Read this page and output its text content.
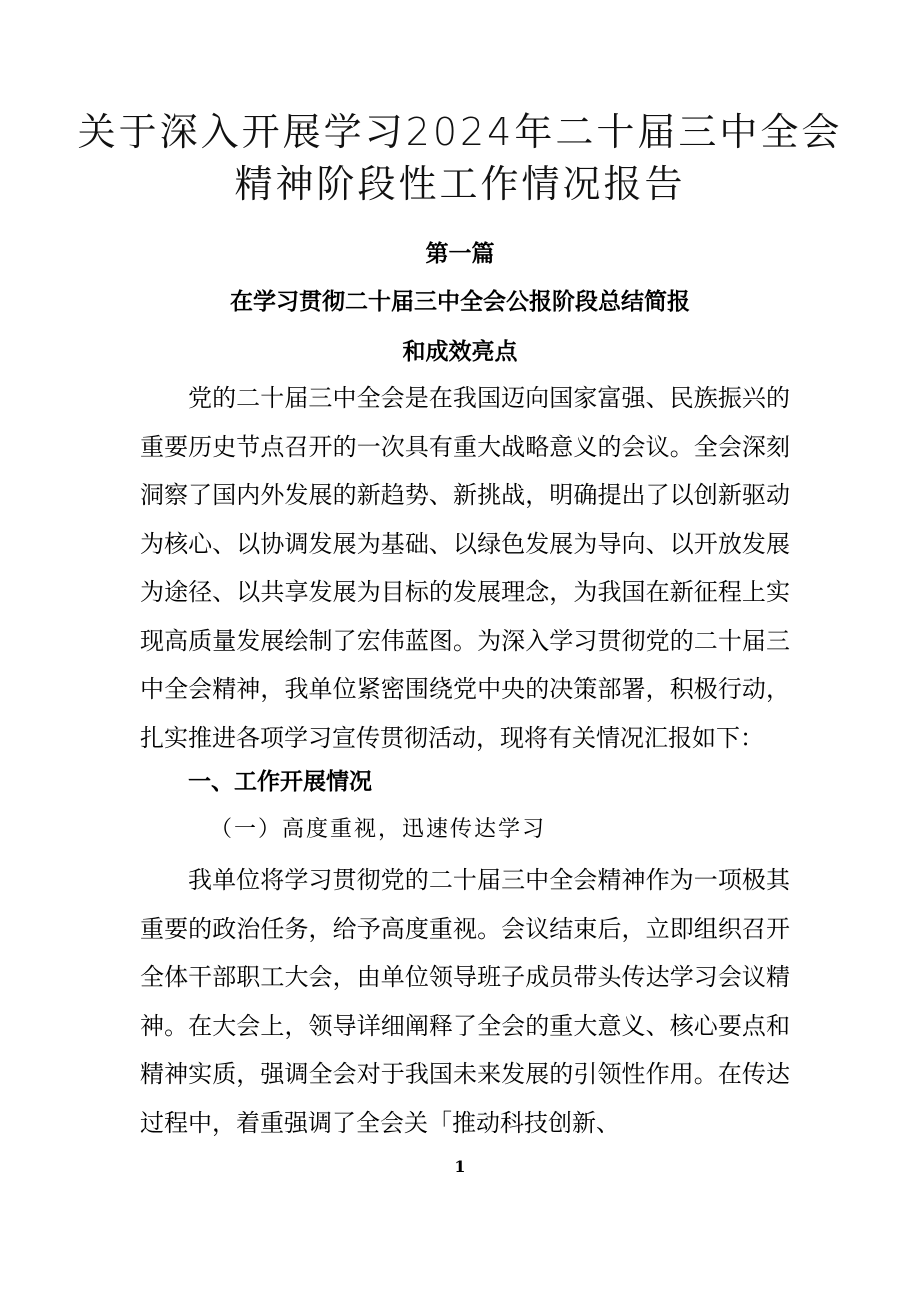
关于深入开展学习2024年二十届三中全会
精神阶段性工作情况报告
第一篇
在学习贯彻二十届三中全会公报阶段总结简报
和成效亮点

党的二十届三中全会是在我国迈向国家富强、民族振兴的重要历史节点召开的一次具有重大战略意义的会议。全会深刻洞察了国内外发展的新趋势、新挑战，明确提出了以创新驱动为核心、以协调发展为基础、以绿色发展为导向、以开放发展为途径、以共享发展为目标的发展理念，为我国在新征程上实现高质量发展绘制了宏伟蓝图。为深入学习贯彻党的二十届三中全会精神，我单位紧密围绕党中央的决策部署，积极行动，扎实推进各项学习宣传贯彻活动，现将有关情况汇报如下：

一、工作开展情况
（一）高度重视，迅速传达学习

我单位将学习贯彻党的二十届三中全会精神作为一项极其重要的政治任务，给予高度重视。会议结束后，立即组织召开全体干部职工大会，由单位领导班子成员带头传达学习会议精神。在大会上，领导详细阐释了全会的重大意义、核心要点和精神实质，强调全会对于我国未来发展的引领性作用。在传达过程中，着重强调了全会关「推动科技创新、

1
